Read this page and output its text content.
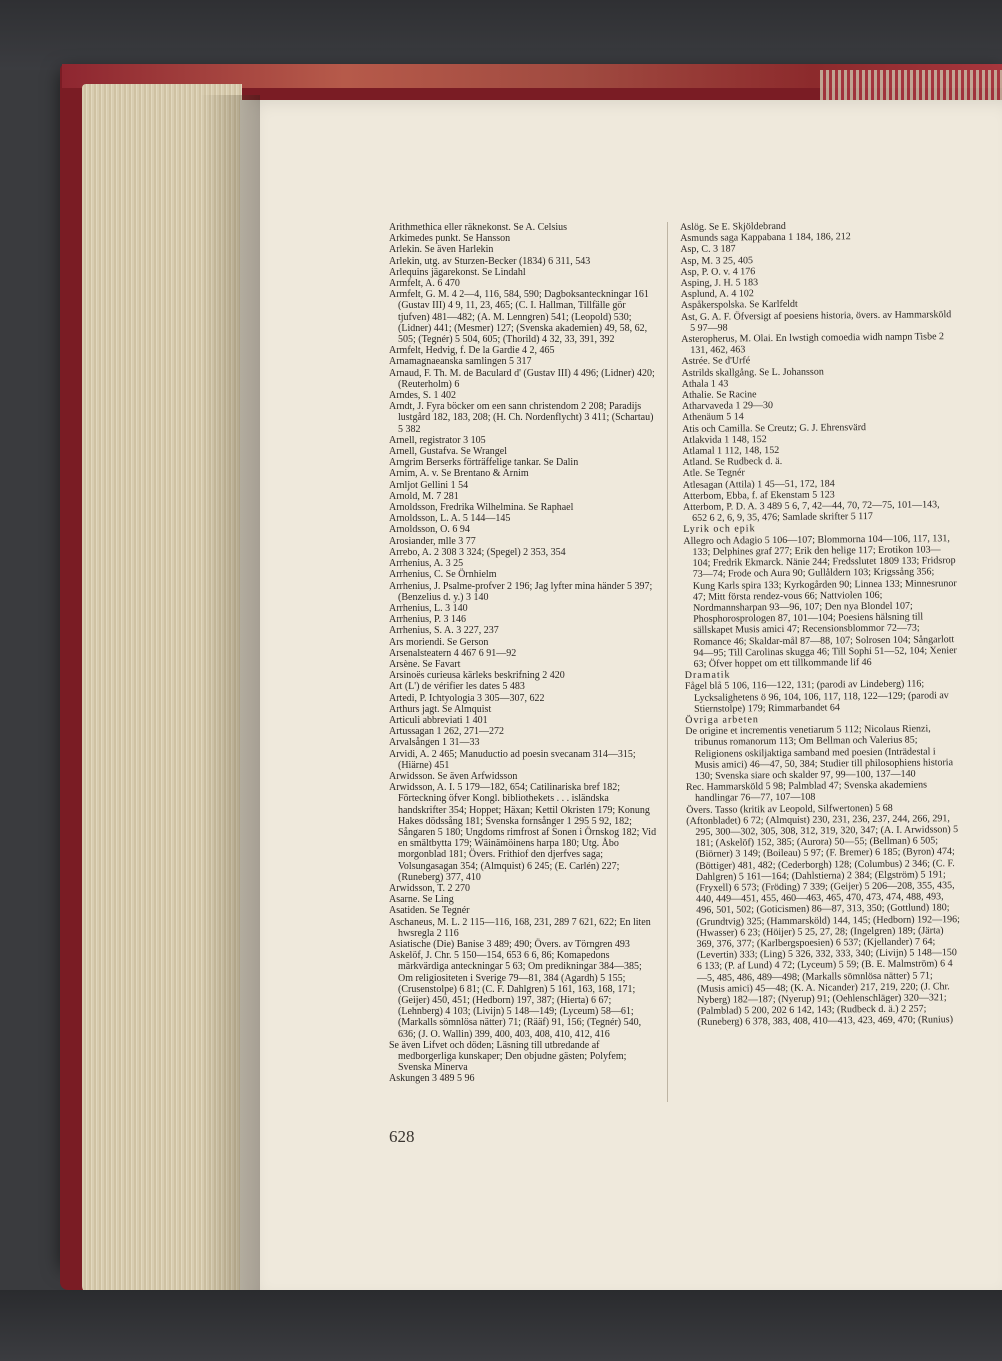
Arithmethica eller räknekonst. Se A. Celsius

Arkimedes punkt. Se Hansson

Arlekin. Se även Harlekin

Arlekin, utg. av Sturzen-Becker (1834) 6 311, 543

Arlequins jägarekonst. Se Lindahl

Armfelt, A. 6 470

Armfelt, G. M. 4 2—4, 116, 584, 590; Dagboksanteckningar 161 (Gustav III) 4 9, 11, 23, 465; (C. I. Hallman, Tillfälle gör tjufven) 481—482; (A. M. Lenngren) 541; (Leopold) 530; (Lidner) 441; (Mesmer) 127; (Svenska akademien) 49, 58, 62, 505; (Tegnér) 5 504, 605; (Thorild) 4 32, 33, 391, 392

Armfelt, Hedvig, f. De la Gardie 4 2, 465

Arnamagnaeanska samlingen 5 317

Arnaud, F. Th. M. de Baculard d' (Gustav III) 4 496; (Lidner) 420; (Reuterholm) 6

Arndes, S. 1 402

Arndt, J. Fyra böcker om een sann christendom 2 208; Paradijs lustgård 182, 183, 208; (H. Ch. Nordenflycht) 3 411; (Schartau) 5 382

Arnell, registrator 3 105

Arnell, Gustafva. Se Wrangel

Arngrim Berserks förträffelige tankar. Se Dalin

Arnim, A. v. Se Brentano & Arnim

Arnljot Gellini 1 54

Arnold, M. 7 281

Arnoldsson, Fredrika Wilhelmina. Se Raphael

Arnoldsson, L. A. 5 144—145

Arnoldsson, O. 6 94

Arosiander, mlle 3 77

Arrebo, A. 2 308 3 324; (Spegel) 2 353, 354

Arrhenius, A. 3 25

Arrhenius, C. Se Örnhielm

Arrhenius, J. Psalme-profver 2 196; Jag lyfter mina händer 5 397; (Benzelius d. y.) 3 140

Arrhenius, L. 3 140

Arrhenius, P. 3 146

Arrhenius, S. A. 3 227, 237

Ars moriendi. Se Gerson

Arsenalsteatern 4 467 6 91—92

Arsène. Se Favart

Arsinoës curieusa kärleks beskrifning 2 420

Art (L') de vérifier les dates 5 483

Artedi, P. Ichtyologia 3 305—307, 622

Arthurs jagt. Se Almquist

Articuli abbreviati 1 401

Artussagan 1 262, 271—272

Arvalsången 1 31—33

Arvidi, A. 2 465; Manuductio ad poesin svecanam 314—315; (Hiärne) 451

Arwidsson. Se även Arfwidsson

Arwidsson, A. I. 5 179—182, 654; Catilinariska bref 182; Förteckning öfver Kongl. bibliothekets . . . isländska handskrifter 354; Hoppet; Häxan; Kettil Okristen 179; Konung Hakes dödssång 181; Svenska fornsånger 1 295 5 92, 182; Sångaren 5 180; Ungdoms rimfrost af Sonen i Örnskog 182; Vid en smältbytta 179; Wäinämöinens harpa 180; Utg. Åbo morgonblad 181; Övers. Frithiof den djerfves saga; Volsungasagan 354; (Almquist) 6 245; (E. Carlén) 227; (Runeberg) 377, 410

Arwidsson, T. 2 270

Asarne. Se Ling

Asatiden. Se Tegnér

Aschaneus, M. L. 2 115—116, 168, 231, 289 7 621, 622; En liten hwsregla 2 116

Asiatische (Die) Banise 3 489; 490; Övers. av Törngren 493

Askelöf, J. Chr. 5 150—154, 653 6 6, 86; Komapedons märkvärdiga anteckningar 5 63; Om predikningar 384—385; Om religiositeten i Sverige 79—81, 384 (Agardh) 5 155; (Crusenstolpe) 6 81; (C. F. Dahlgren) 5 161, 163, 168, 171; (Geijer) 450, 451; (Hedborn) 197, 387; (Hierta) 6 67; (Lehnberg) 4 103; (Livijn) 5 148—149; (Lyceum) 58—61; (Markalls sömnlösa nätter) 71; (Rääf) 91, 156; (Tegnér) 540, 636; (J. O. Wallin) 399, 400, 403, 408, 410, 412, 416

Se även Lifvet och döden; Läsning till utbredande af medborgerliga kunskaper; Den objudne gästen; Polyfem; Svenska Minerva

Askungen 3 489 5 96

Aslög. Se E. Skjöldebrand

Asmunds saga Kappabana 1 184, 186, 212

Asp, C. 3 187

Asp, M. 3 25, 405

Asp, P. O. v. 4 176

Asping, J. H. 5 183

Asplund, A. 4 102

Aspåkerspolska. Se Karlfeldt

Ast, G. A. F. Öfversigt af poesiens historia, övers. av Hammarsköld 5 97—98

Asteropherus, M. Olai. En lwstigh comoedia widh nampn Tisbe 2 131, 462, 463

Astrée. Se d'Urfé

Astrilds skallgång. Se L. Johansson

Athala 1 43

Athalie. Se Racine

Atharvaveda 1 29—30

Athenäum 5 14

Atis och Camilla. Se Creutz; G. J. Ehrensvärd

Atlakvida 1 148, 152

Atlamal 1 112, 148, 152

Atland. Se Rudbeck d. ä.

Atle. Se Tegnér

Atlesagan (Attila) 1 45—51, 172, 184

Atterbom, Ebba, f. af Ekenstam 5 123

Atterbom, P. D. A. 3 489 5 6, 7, 42—44, 70, 72—75, 101—143, 652 6 2, 6, 9, 35, 476; Samlade skrifter 5 117

Lyrik och epik

Allegro och Adagio 5 106—107; Blommorna 104—106, 117, 131, 133; Delphines graf 277; Erik den helige 117; Erotikon 103—104; Fredrik Ekmarck. Nänie 244; Fredsslutet 1809 133; Fridsrop 73—74; Frode och Aura 90; Gullåldern 103; Krigssång 356; Kung Karls spira 133; Kyrkogården 90; Linnea 133; Minnesrunor 47; Mitt första rendez-vous 66; Nattviolen 106; Nordmannsharpan 93—96, 107; Den nya Blondel 107; Phosphorosprologen 87, 101—104; Poesiens hälsning till sällskapet Musis amici 47; Recensionsblommor 72—73; Romance 46; Skaldar-mål 87—88, 107; Solrosen 104; Sångarlott 94—95; Till Carolinas skugga 46; Till Sophi 51—52, 104; Xenier 63; Öfver hoppet om ett tillkommande lif 46

Dramatik

Fågel blå 5 106, 116—122, 131; (parodi av Lindeberg) 116; Lycksalighetens ö 96, 104, 106, 117, 118, 122—129; (parodi av Stiernstolpe) 179; Rimmarbandet 64

Övriga arbeten

De origine et incrementis venetiarum 5 112; Nicolaus Rienzi, tribunus romanorum 113; Om Bellman och Valerius 85; Religionens oskiljaktiga samband med poesien (Inträdestal i Musis amici) 46—47, 50, 384; Studier till philosophiens historia 130; Svenska siare och skalder 97, 99—100, 137—140

Rec. Hammarsköld 5 98; Palmblad 47; Svenska akademiens handlingar 76—77, 107—108

Övers. Tasso (kritik av Leopold, Silfwertonen) 5 68

(Aftonbladet) 6 72; (Almquist) 230, 231, 236, 237, 244, 266, 291, 295, 300—302, 305, 308, 312, 319, 320, 347; (A. I. Arwidsson) 5 181; (Askelöf) 152, 385; (Aurora) 50—55; (Bellman) 6 505; (Biörner) 3 149; (Boileau) 5 97; (F. Bremer) 6 185; (Byron) 474; (Böttiger) 481, 482; (Cederborgh) 128; (Columbus) 2 346; (C. F. Dahlgren) 5 161—164; (Dahlstierna) 2 384; (Elgström) 5 191; (Fryxell) 6 573; (Fröding) 7 339; (Geijer) 5 206—208, 355, 435, 440, 449—451, 455, 460—463, 465, 470, 473, 474, 488, 493, 496, 501, 502; (Goticismen) 86—87, 313, 350; (Gottlund) 180; (Grundtvig) 325; (Hammarsköld) 144, 145; (Hedborn) 192—196; (Hwasser) 6 23; (Höijer) 5 25, 27, 28; (Ingelgren) 189; (Järta) 369, 376, 377; (Karlbergspoesien) 6 537; (Kjellander) 7 64; (Levertin) 333; (Ling) 5 326, 332, 333, 340; (Livijn) 5 148—150 6 133; (P. af Lund) 4 72; (Lyceum) 5 59; (B. E. Malmström) 6 4—5, 485, 486, 489—498; (Markalls sömnlösa nätter) 5 71; (Musis amici) 45—48; (K. A. Nicander) 217, 219, 220; (J. Chr. Nyberg) 182—187; (Nyerup) 91; (Oehlenschläger) 320—321; (Palmblad) 5 200, 202 6 142, 143; (Rudbeck d. ä.) 2 257; (Runeberg) 6 378, 383, 408, 410—413, 423, 469, 470; (Runius)

628
